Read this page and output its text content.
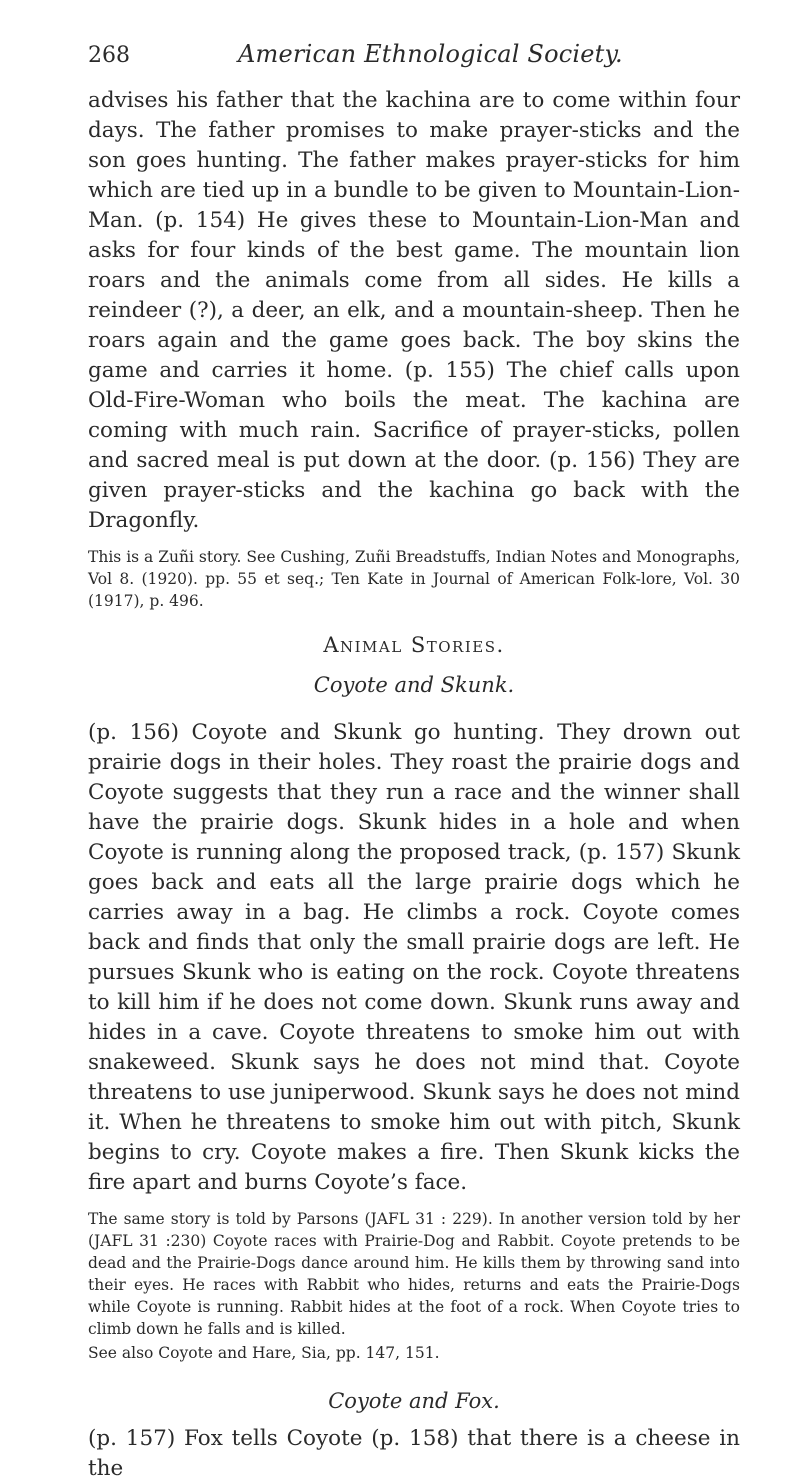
268	American Ethnological Society.

advises his father that the kachina are to come within four days. The father promises to make prayer-sticks and the son goes hunting. The father makes prayer-sticks for him which are tied up in a bundle to be given to Mountain-Lion-Man. (p. 154) He gives these to Mountain-Lion-Man and asks for four kinds of the best game. The mountain lion roars and the animals come from all sides. He kills a reindeer (?), a deer, an elk, and a mountain-sheep. Then he roars again and the game goes back. The boy skins the game and carries it home. (p. 155) The chief calls upon Old-Fire-Woman who boils the meat. The kachina are coming with much rain. Sacrifice of prayer-sticks, pollen and sacred meal is put down at the door. (p. 156) They are given prayer-sticks and the kachina go back with the Dragonfly.

This is a Zuñi story. See Cushing, Zuñi Breadstuffs, Indian Notes and Monographs, Vol 8. (1920). pp. 55 et seq.; Ten Kate in Journal of American Folk-lore, Vol. 30 (1917), p. 496.

Animal Stories.
Coyote and Skunk.

(p. 156) Coyote and Skunk go hunting. They drown out prairie dogs in their holes. They roast the prairie dogs and Coyote suggests that they run a race and the winner shall have the prairie dogs. Skunk hides in a hole and when Coyote is running along the proposed track, (p. 157) Skunk goes back and eats all the large prairie dogs which he carries away in a bag. He climbs a rock. Coyote comes back and finds that only the small prairie dogs are left. He pursues Skunk who is eating on the rock. Coyote threatens to kill him if he does not come down. Skunk runs away and hides in a cave. Coyote threatens to smoke him out with snakeweed. Skunk says he does not mind that. Coyote threatens to use juniperwood. Skunk says he does not mind it. When he threatens to smoke him out with pitch, Skunk begins to cry. Coyote makes a fire. Then Skunk kicks the fire apart and burns Coyote’s face.

The same story is told by Parsons (JAFL 31 : 229). In another version told by her (JAFL 31 :230) Coyote races with Prairie-Dog and Rabbit. Coyote pretends to be dead and the Prairie-Dogs dance around him. He kills them by throwing sand into their eyes. He races with Rabbit who hides, returns and eats the Prairie-Dogs while Coyote is running. Rabbit hides at the foot of a rock. When Coyote tries to climb down he falls and is killed.

See also Coyote and Hare, Sia, pp. 147, 151.

Coyote and Fox.

(p. 157) Fox tells Coyote (p. 158) that there is a cheese in the
